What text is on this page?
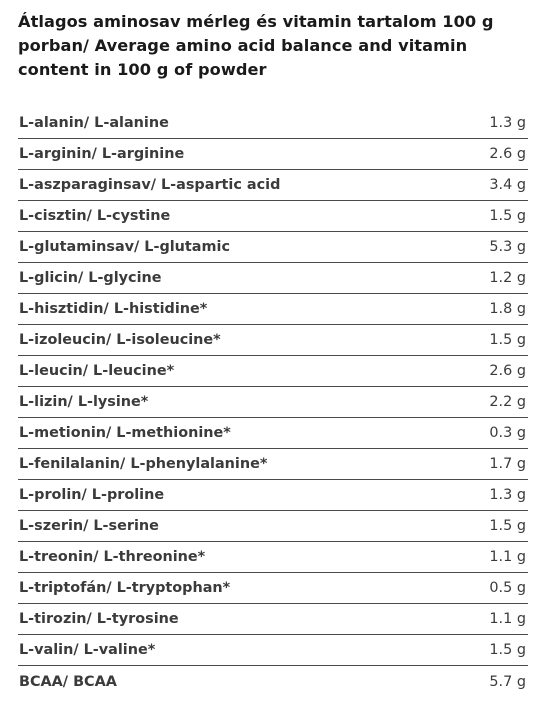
Átlagos aminosav mérleg és vitamin tartalom 100 g porban/ Average amino acid balance and vitamin content in 100 g of powder
L-alanin/ L-alanine	1.3 g
L-arginin/ L-arginine	2.6 g
L-aszparaginsav/ L-aspartic acid	3.4 g
L-cisztin/ L-cystine	1.5 g
L-glutaminsav/ L-glutamic	5.3 g
L-glicin/ L-glycine	1.2 g
L-hisztidin/ L-histidine*	1.8 g
L-izoleucin/ L-isoleucine*	1.5 g
L-leucin/ L-leucine*	2.6 g
L-lizin/ L-lysine*	2.2 g
L-metionin/ L-methionine*	0.3 g
L-fenilalanin/ L-phenylalanine*	1.7 g
L-prolin/ L-proline	1.3 g
L-szerin/ L-serine	1.5 g
L-treonin/ L-threonine*	1.1 g
L-triptofán/ L-tryptophan*	0.5 g
L-tirozin/ L-tyrosine	1.1 g
L-valin/ L-valine*	1.5 g
BCAA/ BCAA	5.7 g
